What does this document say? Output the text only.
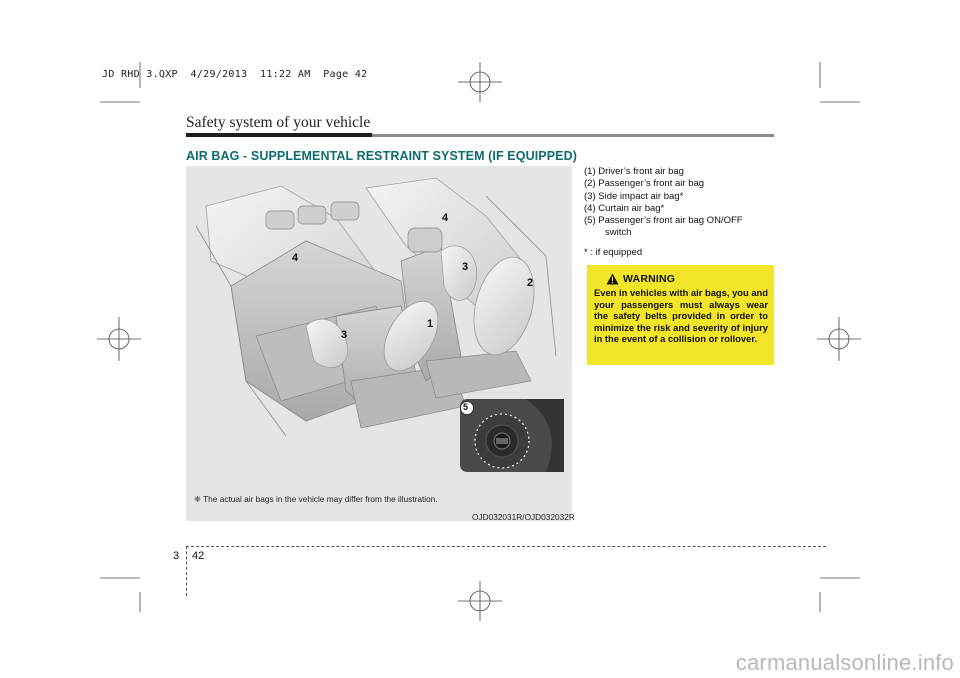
JD RHD 3.QXP  4/29/2013  11:22 AM  Page 42
Safety system of your vehicle
AIR BAG - SUPPLEMENTAL RESTRAINT SYSTEM (IF EQUIPPED)
4
4
3
3
2
1
5
❈ The actual air bags in the vehicle may differ from the illustration.
OJD032031R/OJD032032R
(1) Driver’s front air bag
(2) Passenger’s front air bag
(3) Side impact air bag*
(4) Curtain air bag*
(5) Passenger’s front air bag ON/OFF
switch
* : if equipped
WARNING
Even in vehicles with air bags, you and your passengers must always wear the safety belts provided in order to minimize the risk and severity of injury in the event of a collision or rollover.
3 42
carmanualsonline.info
